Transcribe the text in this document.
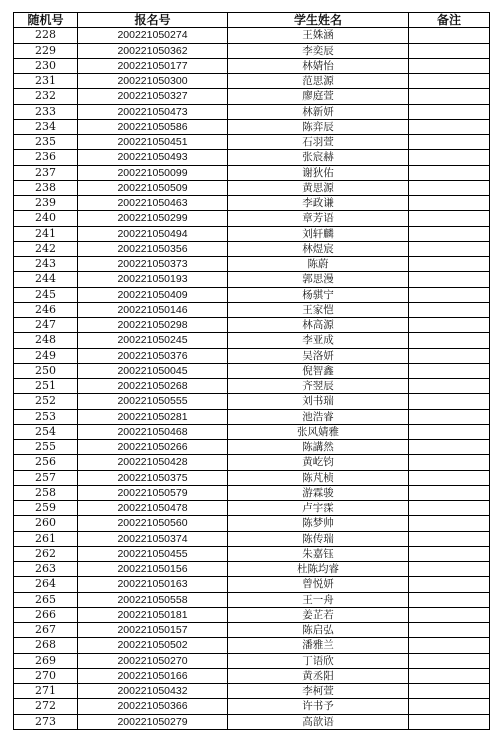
随机号	报名号	学生姓名	备注
228	200221050274	王姝涵	
229	200221050362	李奕辰	
230	200221050177	林婧怡	
231	200221050300	范思源	
232	200221050327	廖庭萱	
233	200221050473	林新妍	
234	200221050586	陈弈辰	
235	200221050451	石羽萱	
236	200221050493	张宸赫	
237	200221050099	谢狄佑	
238	200221050509	黄思源	
239	200221050463	李政谦	
240	200221050299	章芳语	
241	200221050494	刘轩麟	
242	200221050356	林煜宸	
243	200221050373	陈蔚	
244	200221050193	郭思漫	
245	200221050409	杨骐宁	
246	200221050146	王家恺	
247	200221050298	林高源	
248	200221050245	李亚成	
249	200221050376	吴洛妍	
250	200221050045	倪智鑫	
251	200221050268	齐翌辰	
252	200221050555	刘书瑞	
253	200221050281	池浩睿	
254	200221050468	张风婧雅	
255	200221050266	陈講然	
256	200221050428	黄屹钧	
257	200221050375	陈芃桢	
258	200221050579	游霖骏	
259	200221050478	卢宇霂	
260	200221050560	陈梦帅	
261	200221050374	陈传瑞	
262	200221050455	朱嘉钰	
263	200221050156	杜陈均睿	
264	200221050163	曾悦妍	
265	200221050558	王一舟	
266	200221050181	姜芷若	
267	200221050157	陈启弘	
268	200221050502	潘雅兰	
269	200221050270	丁语欣	
270	200221050166	黄丞阳	
271	200221050432	李柯萱	
272	200221050366	许书予	
273	200221050279	高歆语	
